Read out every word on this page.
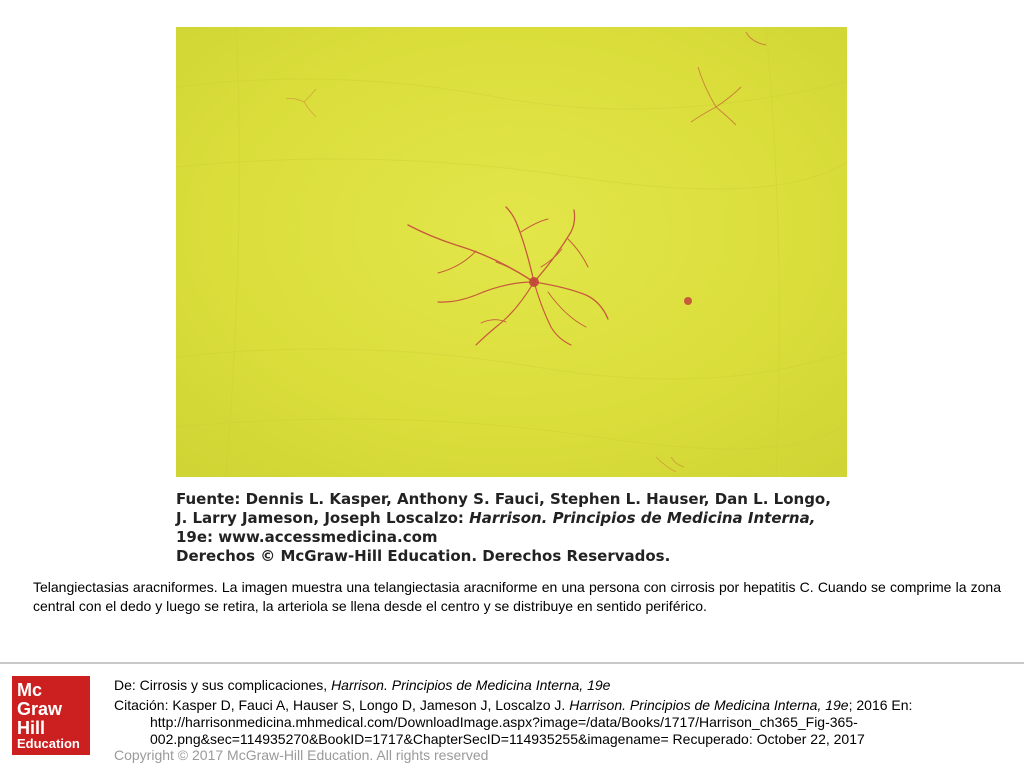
Fuente: Dennis L. Kasper, Anthony S. Fauci, Stephen L. Hauser, Dan L. Longo,
J. Larry Jameson, Joseph Loscalzo: Harrison. Principios de Medicina Interna,
19e: www.accessmedicina.com
Derechos © McGraw-Hill Education. Derechos Reservados.
Telangiectasias aracniformes. La imagen muestra una telangiectasia aracniforme en una persona con cirrosis por hepatitis C. Cuando se comprime la zona central con el dedo y luego se retira, la arteriola se llena desde el centro y se distribuye en sentido periférico.
Mc
Graw
Hill
Education
De: Cirrosis y sus complicaciones, Harrison. Principios de Medicina Interna, 19e
Citación: Kasper D, Fauci A, Hauser S, Longo D, Jameson J, Loscalzo J. Harrison. Principios de Medicina Interna, 19e; 2016 En:
http://harrisonmedicina.mhmedical.com/DownloadImage.aspx?image=/data/Books/1717/Harrison_ch365_Fig-365-
002.png&sec=114935270&BookID=1717&ChapterSecID=114935255&imagename= Recuperado: October 22, 2017
Copyright © 2017 McGraw-Hill Education. All rights reserved
